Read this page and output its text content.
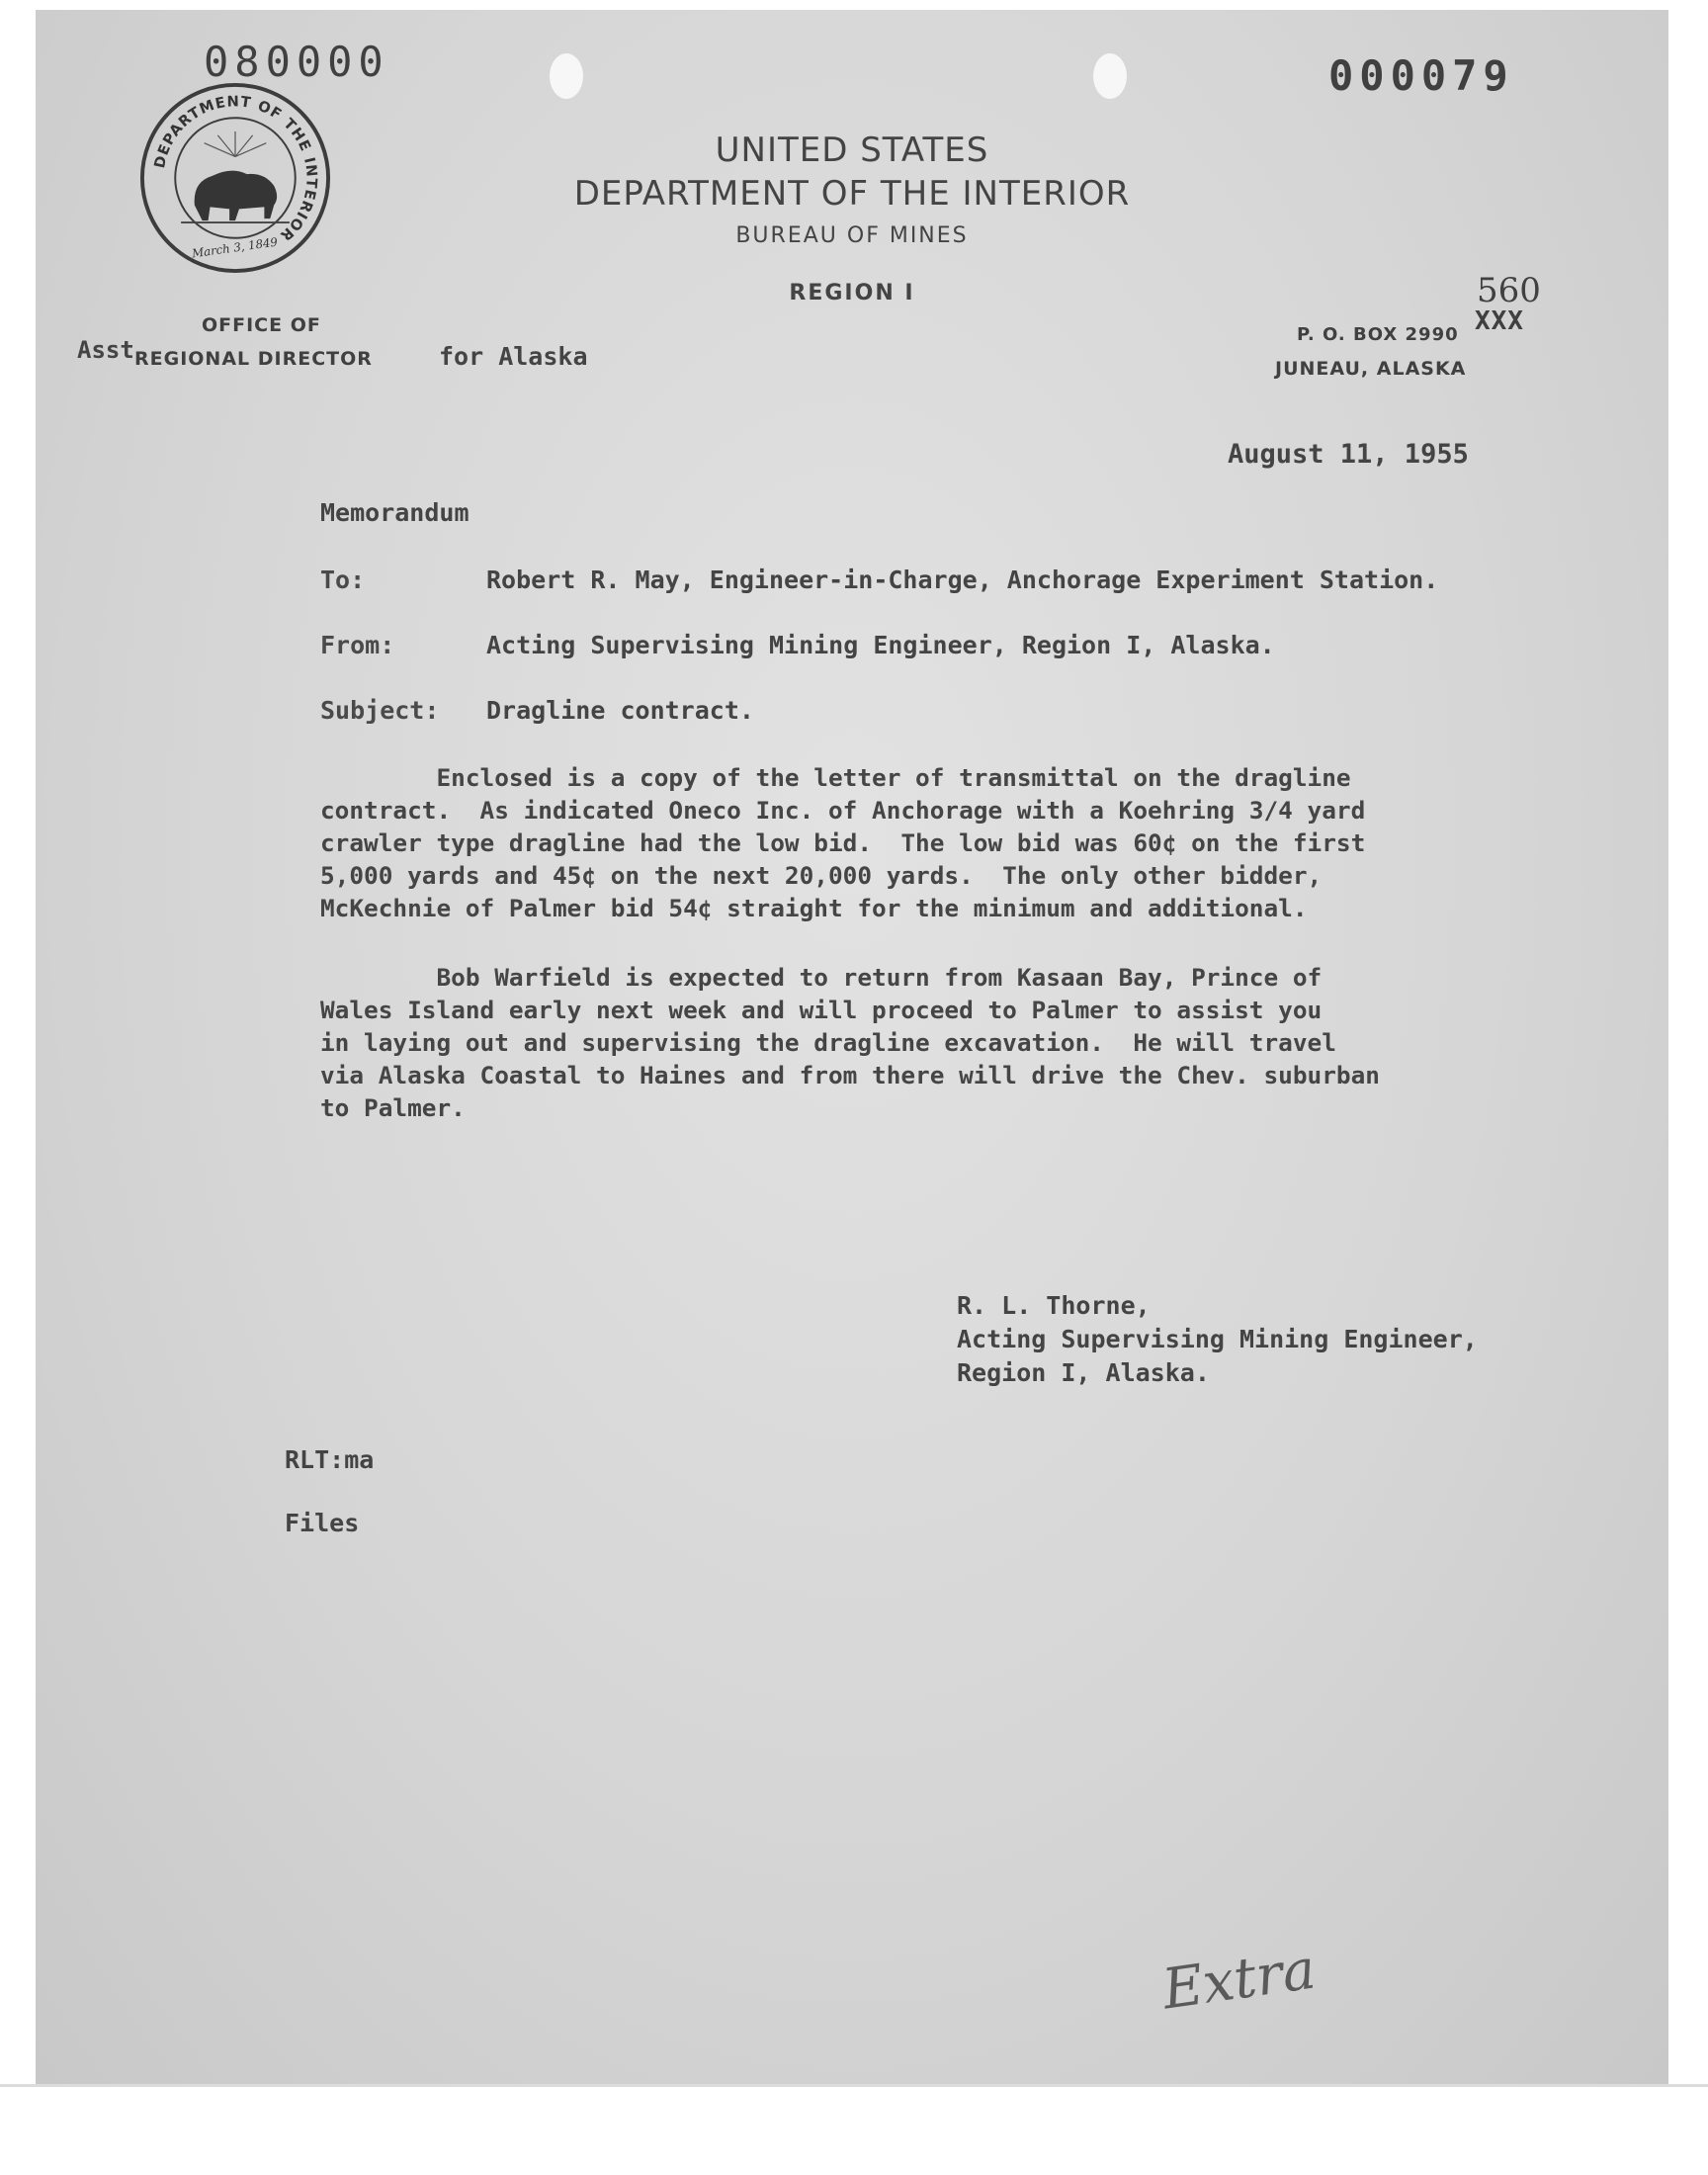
080000	000079
DEPARTMENT OF THE INTERIOR
March 3, 1849
UNITED STATES
DEPARTMENT OF THE INTERIOR
BUREAU OF MINES
REGION I	560
XXX
OFFICE OF
Asst REGIONAL DIRECTOR	for Alaska
P. O. BOX 2990
JUNEAU, ALASKA
August 11, 1955
Memorandum
To:	Robert R. May, Engineer-in-Charge, Anchorage Experiment Station.
From:	Acting Supervising Mining Engineer, Region I, Alaska.
Subject: Dragline contract.
Enclosed is a copy of the letter of transmittal on the dragline
contract.  As indicated Oneco Inc. of Anchorage with a Koehring 3/4 yard
crawler type dragline had the low bid.  The low bid was 60¢ on the first
5,000 yards and 45¢ on the next 20,000 yards.  The only other bidder,
McKechnie of Palmer bid 54¢ straight for the minimum and additional.
Bob Warfield is expected to return from Kasaan Bay, Prince of
Wales Island early next week and will proceed to Palmer to assist you
in laying out and supervising the dragline excavation.  He will travel
via Alaska Coastal to Haines and from there will drive the Chev. suburban
to Palmer.
R. L. Thorne,
Acting Supervising Mining Engineer,
Region I, Alaska.
RLT:ma
Files
Extra
